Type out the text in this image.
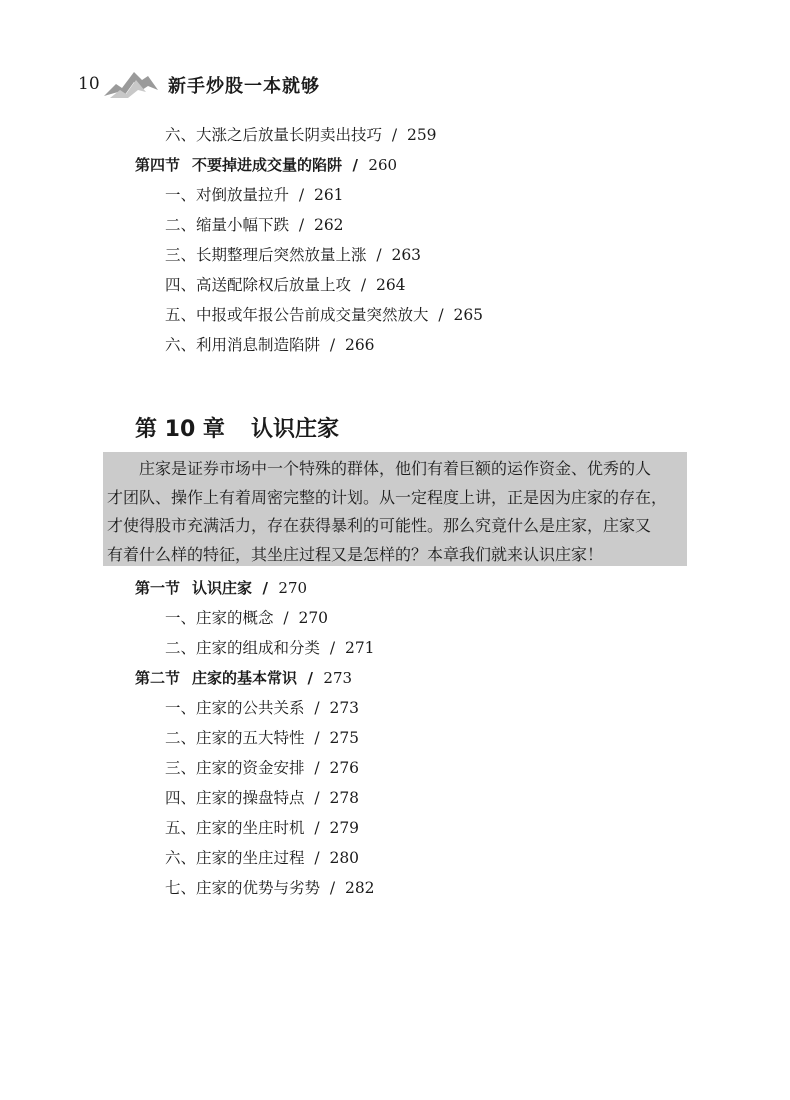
10	新手炒股一本就够
六、大涨之后放量长阴卖出技巧  /  259
第四节 不要掉进成交量的陷阱  /  260
一、对倒放量拉升  /  261
二、缩量小幅下跌  /  262
三、长期整理后突然放量上涨  /  263
四、高送配除权后放量上攻  /  264
五、中报或年报公告前成交量突然放大  /  265
六、利用消息制造陷阱  /  266
第 10 章 认识庄家
庄家是证券市场中一个特殊的群体，他们有着巨额的运作资金、优秀的人
才团队、操作上有着周密完整的计划。从一定程度上讲，正是因为庄家的存在，
才使得股市充满活力，存在获得暴利的可能性。那么究竟什么是庄家，庄家又
有着什么样的特征，其坐庄过程又是怎样的？本章我们就来认识庄家！
第一节 认识庄家  /  270
一、庄家的概念  /  270
二、庄家的组成和分类  /  271
第二节 庄家的基本常识  /  273
一、庄家的公共关系  /  273
二、庄家的五大特性  /  275
三、庄家的资金安排  /  276
四、庄家的操盘特点  /  278
五、庄家的坐庄时机  /  279
六、庄家的坐庄过程  /  280
七、庄家的优势与劣势  /  282
